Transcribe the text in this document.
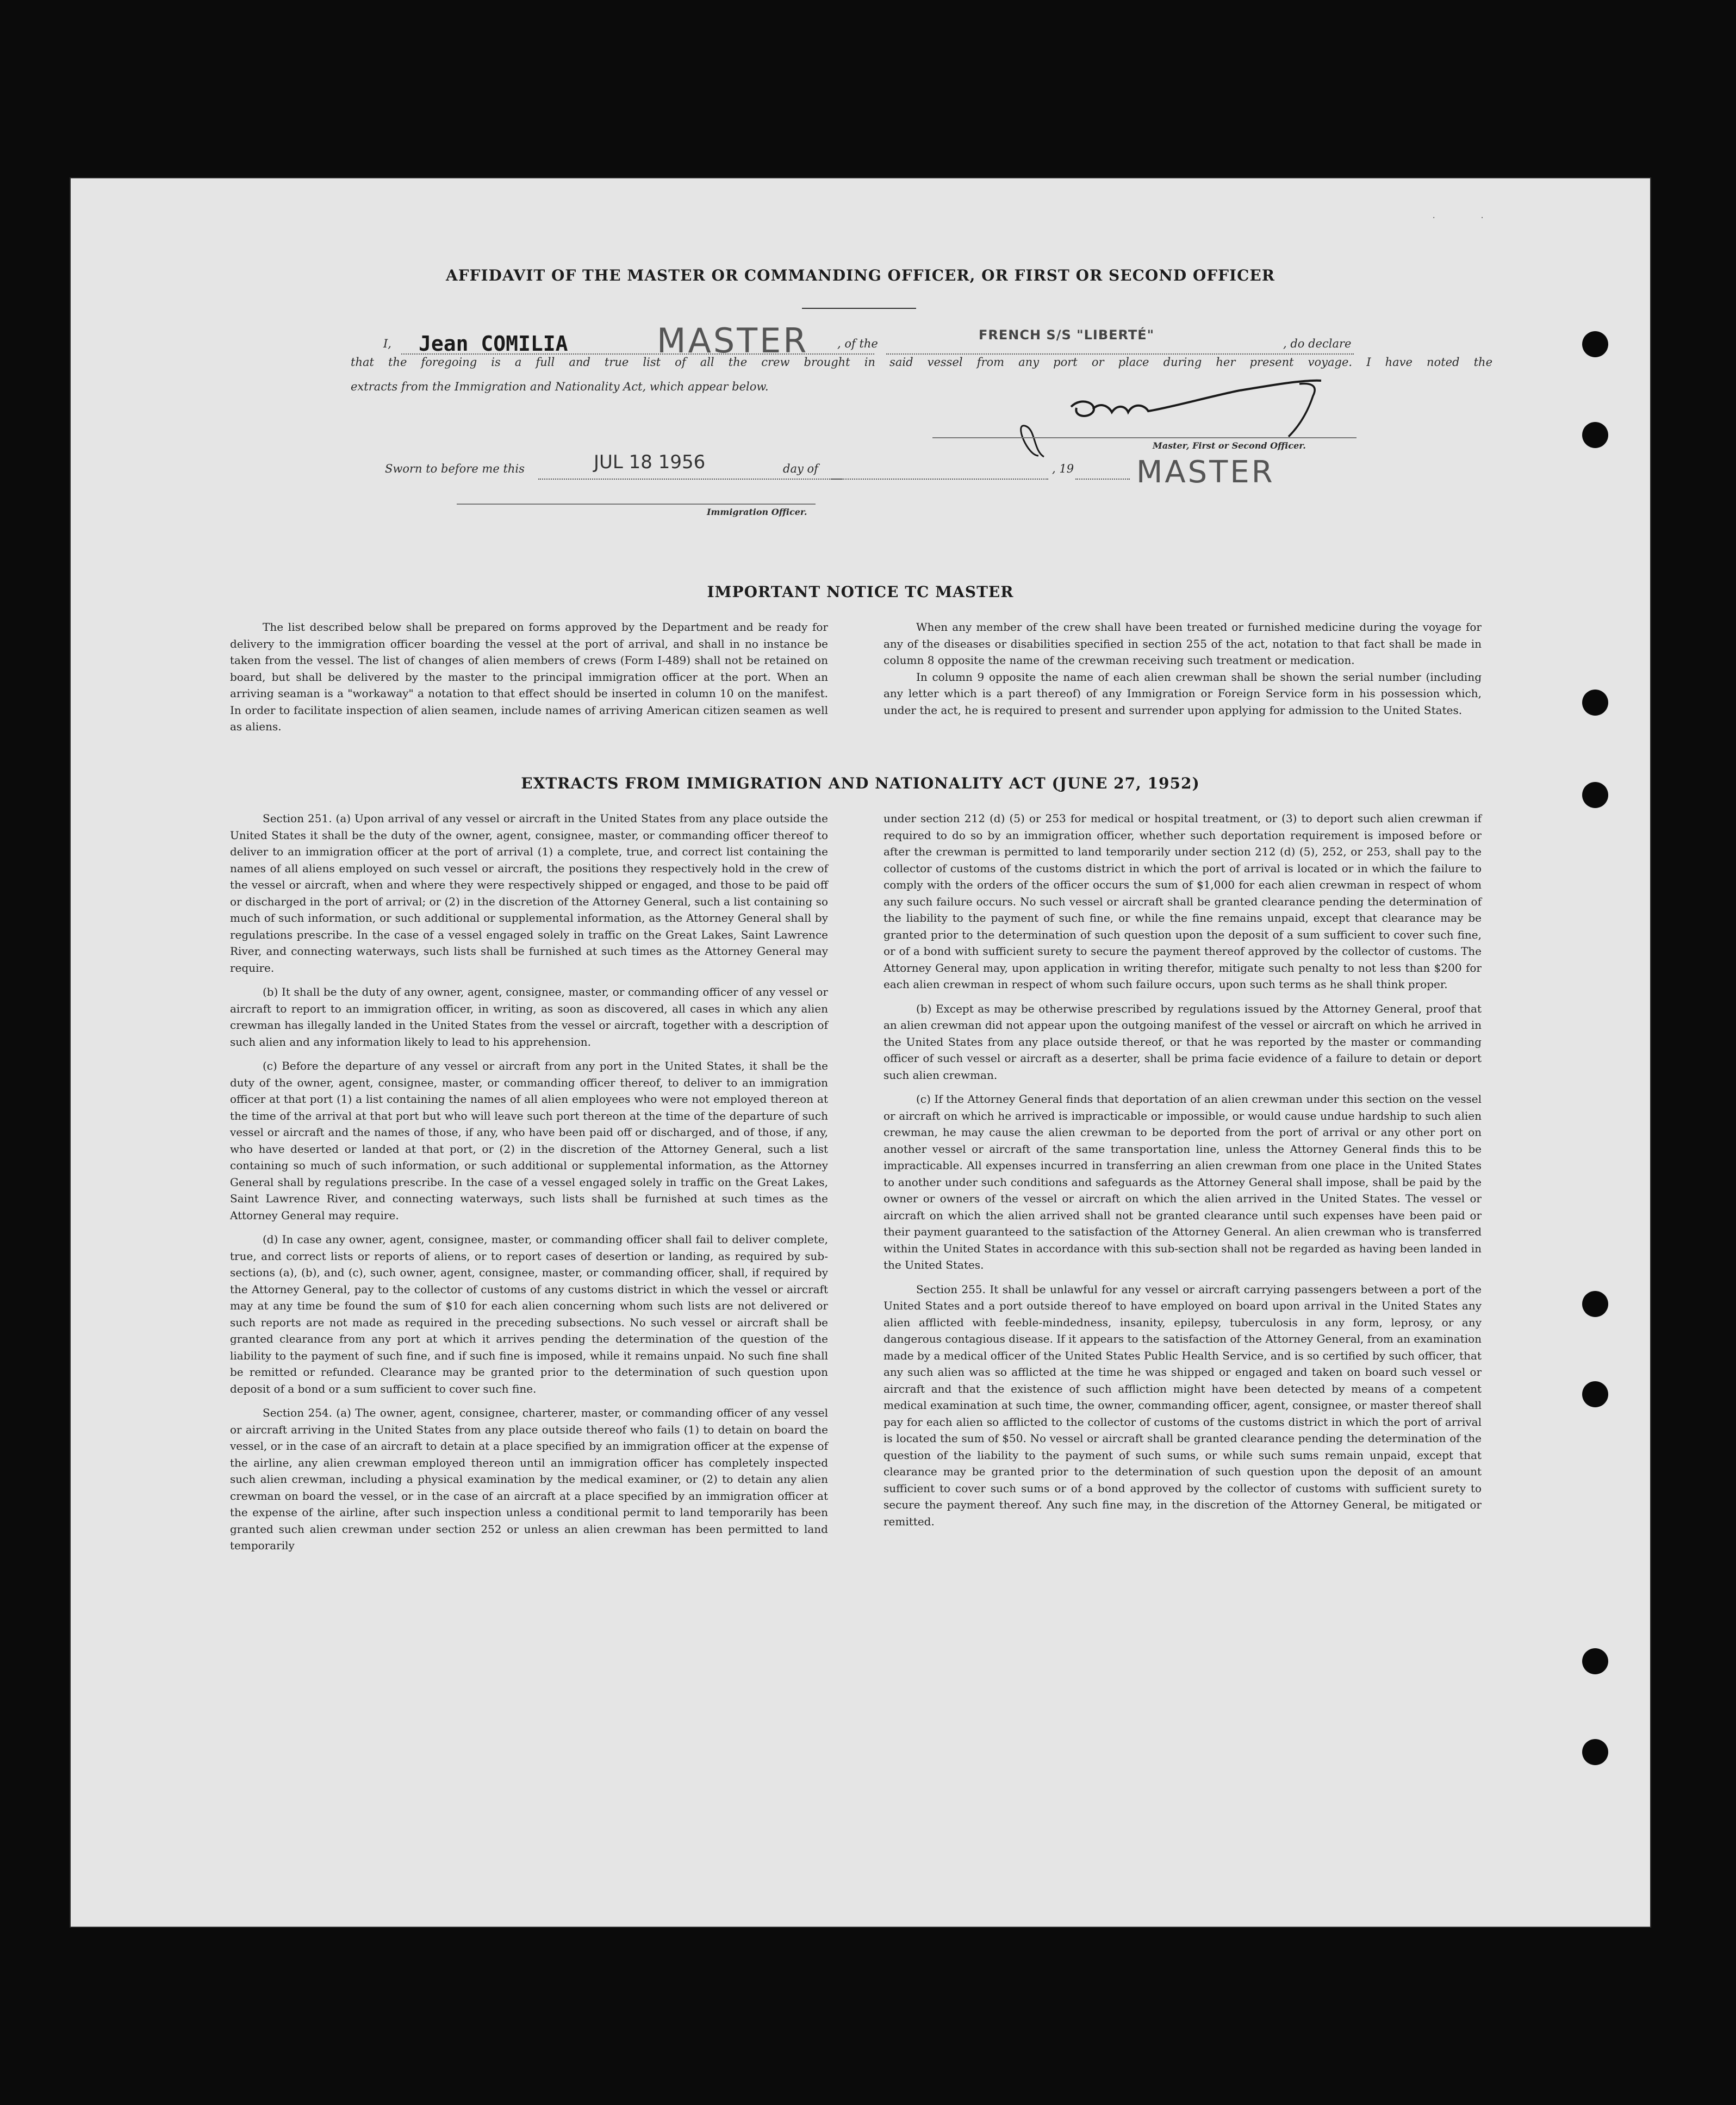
· ·
AFFIDAVIT OF THE MASTER OR COMMANDING OFFICER, OR FIRST OR SECOND OFFICER
I, Jean COMILIA	MASTER	, of the
FRENCH S/S "LIBERTÉ"
, do declare
that the foregoing is a full and true list of all the crew brought in said vessel from any port or place during her present voyage. I have noted the
extracts from the Immigration and Nationality Act, which appear below.
Master, First or Second Officer.
Sworn to before me this	JUL 18 1956	day of	, 19 MASTER
Immigration Officer.
IMPORTANT NOTICE TC MASTER

The list described below shall be prepared on forms approved by the Department and be ready for delivery to the immigration officer boarding the vessel at the port of arrival, and shall in no instance be taken from the vessel. The list of changes of alien members of crews (Form I-489) shall not be retained on board, but shall be delivered by the master to the principal immigration officer at the port. When an arriving seaman is a "workaway" a notation to that effect should be inserted in column 10 on the manifest. In order to facilitate inspection of alien seamen, include names of arriving American citizen seamen as well as aliens.

When any member of the crew shall have been treated or furnished medicine during the voyage for any of the diseases or disabilities specified in section 255 of the act, notation to that fact shall be made in column 8 opposite the name of the crewman receiving such treatment or medication.

In column 9 opposite the name of each alien crewman shall be shown the serial number (including any letter which is a part thereof) of any Immigration or Foreign Service form in his possession which, under the act, he is required to present and surrender upon applying for admission to the United States.

EXTRACTS FROM IMMIGRATION AND NATIONALITY ACT (JUNE 27, 1952)

Section 251. (a) Upon arrival of any vessel or aircraft in the United States from any place outside the United States it shall be the duty of the owner, agent, consignee, master, or commanding officer thereof to deliver to an immigration officer at the port of arrival (1) a complete, true, and correct list containing the names of all aliens employed on such vessel or aircraft, the positions they respectively hold in the crew of the vessel or aircraft, when and where they were respectively shipped or engaged, and those to be paid off or discharged in the port of arrival; or (2) in the discretion of the Attorney General, such a list containing so much of such information, or such additional or supplemental information, as the Attorney General shall by regulations prescribe. In the case of a vessel engaged solely in traffic on the Great Lakes, Saint Lawrence River, and connecting waterways, such lists shall be furnished at such times as the Attorney General may require.

(b) It shall be the duty of any owner, agent, consignee, master, or commanding officer of any vessel or aircraft to report to an immigration officer, in writing, as soon as discovered, all cases in which any alien crewman has illegally landed in the United States from the vessel or aircraft, together with a description of such alien and any information likely to lead to his apprehension.

(c) Before the departure of any vessel or aircraft from any port in the United States, it shall be the duty of the owner, agent, consignee, master, or commanding officer thereof, to deliver to an immigration officer at that port (1) a list containing the names of all alien employees who were not employed thereon at the time of the arrival at that port but who will leave such port thereon at the time of the departure of such vessel or aircraft and the names of those, if any, who have been paid off or discharged, and of those, if any, who have deserted or landed at that port, or (2) in the discretion of the Attorney General, such a list containing so much of such information, or such additional or supplemental information, as the Attorney General shall by regulations prescribe. In the case of a vessel engaged solely in traffic on the Great Lakes, Saint Lawrence River, and connecting waterways, such lists shall be furnished at such times as the Attorney General may require.

(d) In case any owner, agent, consignee, master, or commanding officer shall fail to deliver complete, true, and correct lists or reports of aliens, or to report cases of desertion or landing, as required by sub-sections (a), (b), and (c), such owner, agent, consignee, master, or commanding officer, shall, if required by the Attorney General, pay to the collector of customs of any customs district in which the vessel or aircraft may at any time be found the sum of $10 for each alien concerning whom such lists are not delivered or such reports are not made as required in the preceding subsections. No such vessel or aircraft shall be granted clearance from any port at which it arrives pending the determination of the question of the liability to the payment of such fine, and if such fine is imposed, while it remains unpaid. No such fine shall be remitted or refunded. Clearance may be granted prior to the determination of such question upon deposit of a bond or a sum sufficient to cover such fine.

Section 254. (a) The owner, agent, consignee, charterer, master, or commanding officer of any vessel or aircraft arriving in the United States from any place outside thereof who fails (1) to detain on board the vessel, or in the case of an aircraft to detain at a place specified by an immigration officer at the expense of the airline, any alien crewman employed thereon until an immigration officer has completely inspected such alien crewman, including a physical examination by the medical examiner, or (2) to detain any alien crewman on board the vessel, or in the case of an aircraft at a place specified by an immigration officer at the expense of the airline, after such inspection unless a conditional permit to land temporarily has been granted such alien crewman under section 252 or unless an alien crewman has been permitted to land temporarily

under section 212 (d) (5) or 253 for medical or hospital treatment, or (3) to deport such alien crewman if required to do so by an immigration officer, whether such deportation requirement is imposed before or after the crewman is permitted to land temporarily under section 212 (d) (5), 252, or 253, shall pay to the collector of customs of the customs district in which the port of arrival is located or in which the failure to comply with the orders of the officer occurs the sum of $1,000 for each alien crewman in respect of whom any such failure occurs. No such vessel or aircraft shall be granted clearance pending the determination of the liability to the payment of such fine, or while the fine remains unpaid, except that clearance may be granted prior to the determination of such question upon the deposit of a sum sufficient to cover such fine, or of a bond with sufficient surety to secure the payment thereof approved by the collector of customs. The Attorney General may, upon application in writing therefor, mitigate such penalty to not less than $200 for each alien crewman in respect of whom such failure occurs, upon such terms as he shall think proper.

(b) Except as may be otherwise prescribed by regulations issued by the Attorney General, proof that an alien crewman did not appear upon the outgoing manifest of the vessel or aircraft on which he arrived in the United States from any place outside thereof, or that he was reported by the master or commanding officer of such vessel or aircraft as a deserter, shall be prima facie evidence of a failure to detain or deport such alien crewman.

(c) If the Attorney General finds that deportation of an alien crewman under this section on the vessel or aircraft on which he arrived is impracticable or impossible, or would cause undue hardship to such alien crewman, he may cause the alien crewman to be deported from the port of arrival or any other port on another vessel or aircraft of the same transportation line, unless the Attorney General finds this to be impracticable. All expenses incurred in transferring an alien crewman from one place in the United States to another under such conditions and safeguards as the Attorney General shall impose, shall be paid by the owner or owners of the vessel or aircraft on which the alien arrived in the United States. The vessel or aircraft on which the alien arrived shall not be granted clearance until such expenses have been paid or their payment guaranteed to the satisfaction of the Attorney General. An alien crewman who is transferred within the United States in accordance with this sub-section shall not be regarded as having been landed in the United States.

Section 255. It shall be unlawful for any vessel or aircraft carrying passengers between a port of the United States and a port outside thereof to have employed on board upon arrival in the United States any alien afflicted with feeble-mindedness, insanity, epilepsy, tuberculosis in any form, leprosy, or any dangerous contagious disease. If it appears to the satisfaction of the Attorney General, from an examination made by a medical officer of the United States Public Health Service, and is so certified by such officer, that any such alien was so afflicted at the time he was shipped or engaged and taken on board such vessel or aircraft and that the existence of such affliction might have been detected by means of a competent medical examination at such time, the owner, commanding officer, agent, consignee, or master thereof shall pay for each alien so afflicted to the collector of customs of the customs district in which the port of arrival is located the sum of $50. No vessel or aircraft shall be granted clearance pending the determination of the question of the liability to the payment of such sums, or while such sums remain unpaid, except that clearance may be granted prior to the determination of such question upon the deposit of an amount sufficient to cover such sums or of a bond approved by the collector of customs with sufficient surety to secure the payment thereof. Any such fine may, in the discretion of the Attorney General, be mitigated or remitted.
